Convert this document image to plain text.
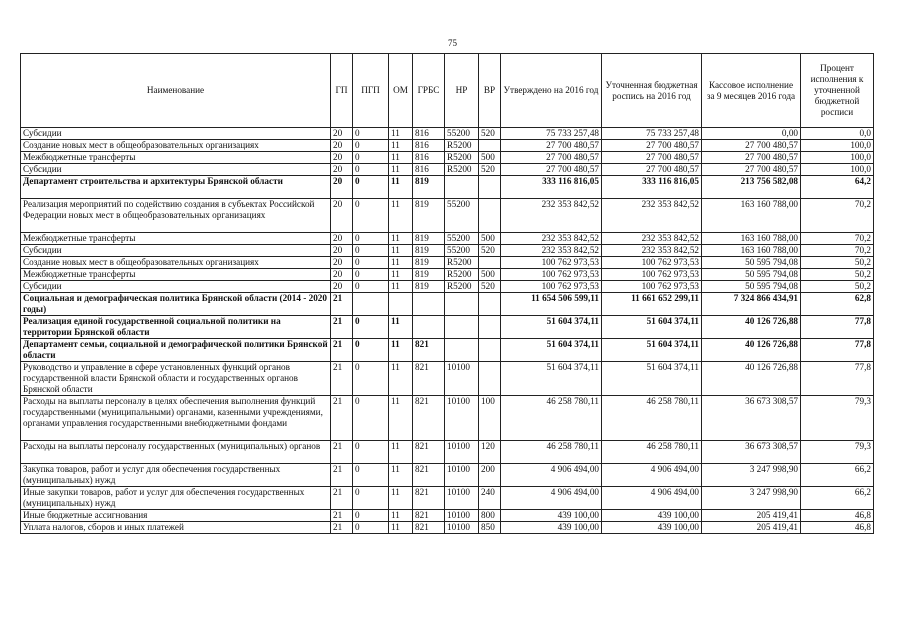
75
Наименование	ГП	ПГП	ОМ	ГРБС	НР	ВР	Утверждено на 2016 год	Уточненная бюджетная роспись на 2016 год	Кассовое исполнение за 9 месяцев 2016 года	Процент исполнения к уточненной бюджетной росписи
Субсидии	20	0	11	816	55200	520	75 733 257,48	75 733 257,48	0,00	0,0
Создание новых мест в общеобразовательных организациях	20	0	11	816	R5200		27 700 480,57	27 700 480,57	27 700 480,57	100,0
Межбюджетные трансферты	20	0	11	816	R5200	500	27 700 480,57	27 700 480,57	27 700 480,57	100,0
Субсидии	20	0	11	816	R5200	520	27 700 480,57	27 700 480,57	27 700 480,57	100,0
Департамент строительства и архитектуры Брянской области	20	0	11	819			333 116 816,05	333 116 816,05	213 756 582,08	64,2
Реализация мероприятий по содействию создания в субъектах Российской Федерации новых мест в общеобразовательных организациях	20	0	11	819	55200		232 353 842,52	232 353 842,52	163 160 788,00	70,2
Межбюджетные трансферты	20	0	11	819	55200	500	232 353 842,52	232 353 842,52	163 160 788,00	70,2
Субсидии	20	0	11	819	55200	520	232 353 842,52	232 353 842,52	163 160 788,00	70,2
Создание новых мест в общеобразовательных организациях	20	0	11	819	R5200		100 762 973,53	100 762 973,53	50 595 794,08	50,2
Межбюджетные трансферты	20	0	11	819	R5200	500	100 762 973,53	100 762 973,53	50 595 794,08	50,2
Субсидии	20	0	11	819	R5200	520	100 762 973,53	100 762 973,53	50 595 794,08	50,2
Социальная и демографическая политика Брянской области (2014 - 2020 годы)	21						11 654 506 599,11	11 661 652 299,11	7 324 866 434,91	62,8
Реализация единой государственной социальной политики на территории Брянской области	21	0	11				51 604 374,11	51 604 374,11	40 126 726,88	77,8
Департамент семьи, социальной и демографической политики Брянской области	21	0	11	821			51 604 374,11	51 604 374,11	40 126 726,88	77,8
Руководство и управление в сфере установленных функций органов государственной власти Брянской области и государственных органов Брянской области	21	0	11	821	10100		51 604 374,11	51 604 374,11	40 126 726,88	77,8
Расходы на выплаты персоналу в целях обеспечения выполнения функций государственными (муниципальными) органами, казенными учреждениями, органами управления государственными внебюджетными фондами	21	0	11	821	10100	100	46 258 780,11	46 258 780,11	36 673 308,57	79,3
Расходы на выплаты персоналу государственных (муниципальных) органов	21	0	11	821	10100	120	46 258 780,11	46 258 780,11	36 673 308,57	79,3
Закупка товаров, работ и услуг для обеспечения государственных (муниципальных) нужд	21	0	11	821	10100	200	4 906 494,00	4 906 494,00	3 247 998,90	66,2
Иные закупки товаров, работ и услуг для обеспечения государственных (муниципальных) нужд	21	0	11	821	10100	240	4 906 494,00	4 906 494,00	3 247 998,90	66,2
Иные бюджетные ассигнования	21	0	11	821	10100	800	439 100,00	439 100,00	205 419,41	46,8
Уплата налогов, сборов и иных платежей	21	0	11	821	10100	850	439 100,00	439 100,00	205 419,41	46,8
